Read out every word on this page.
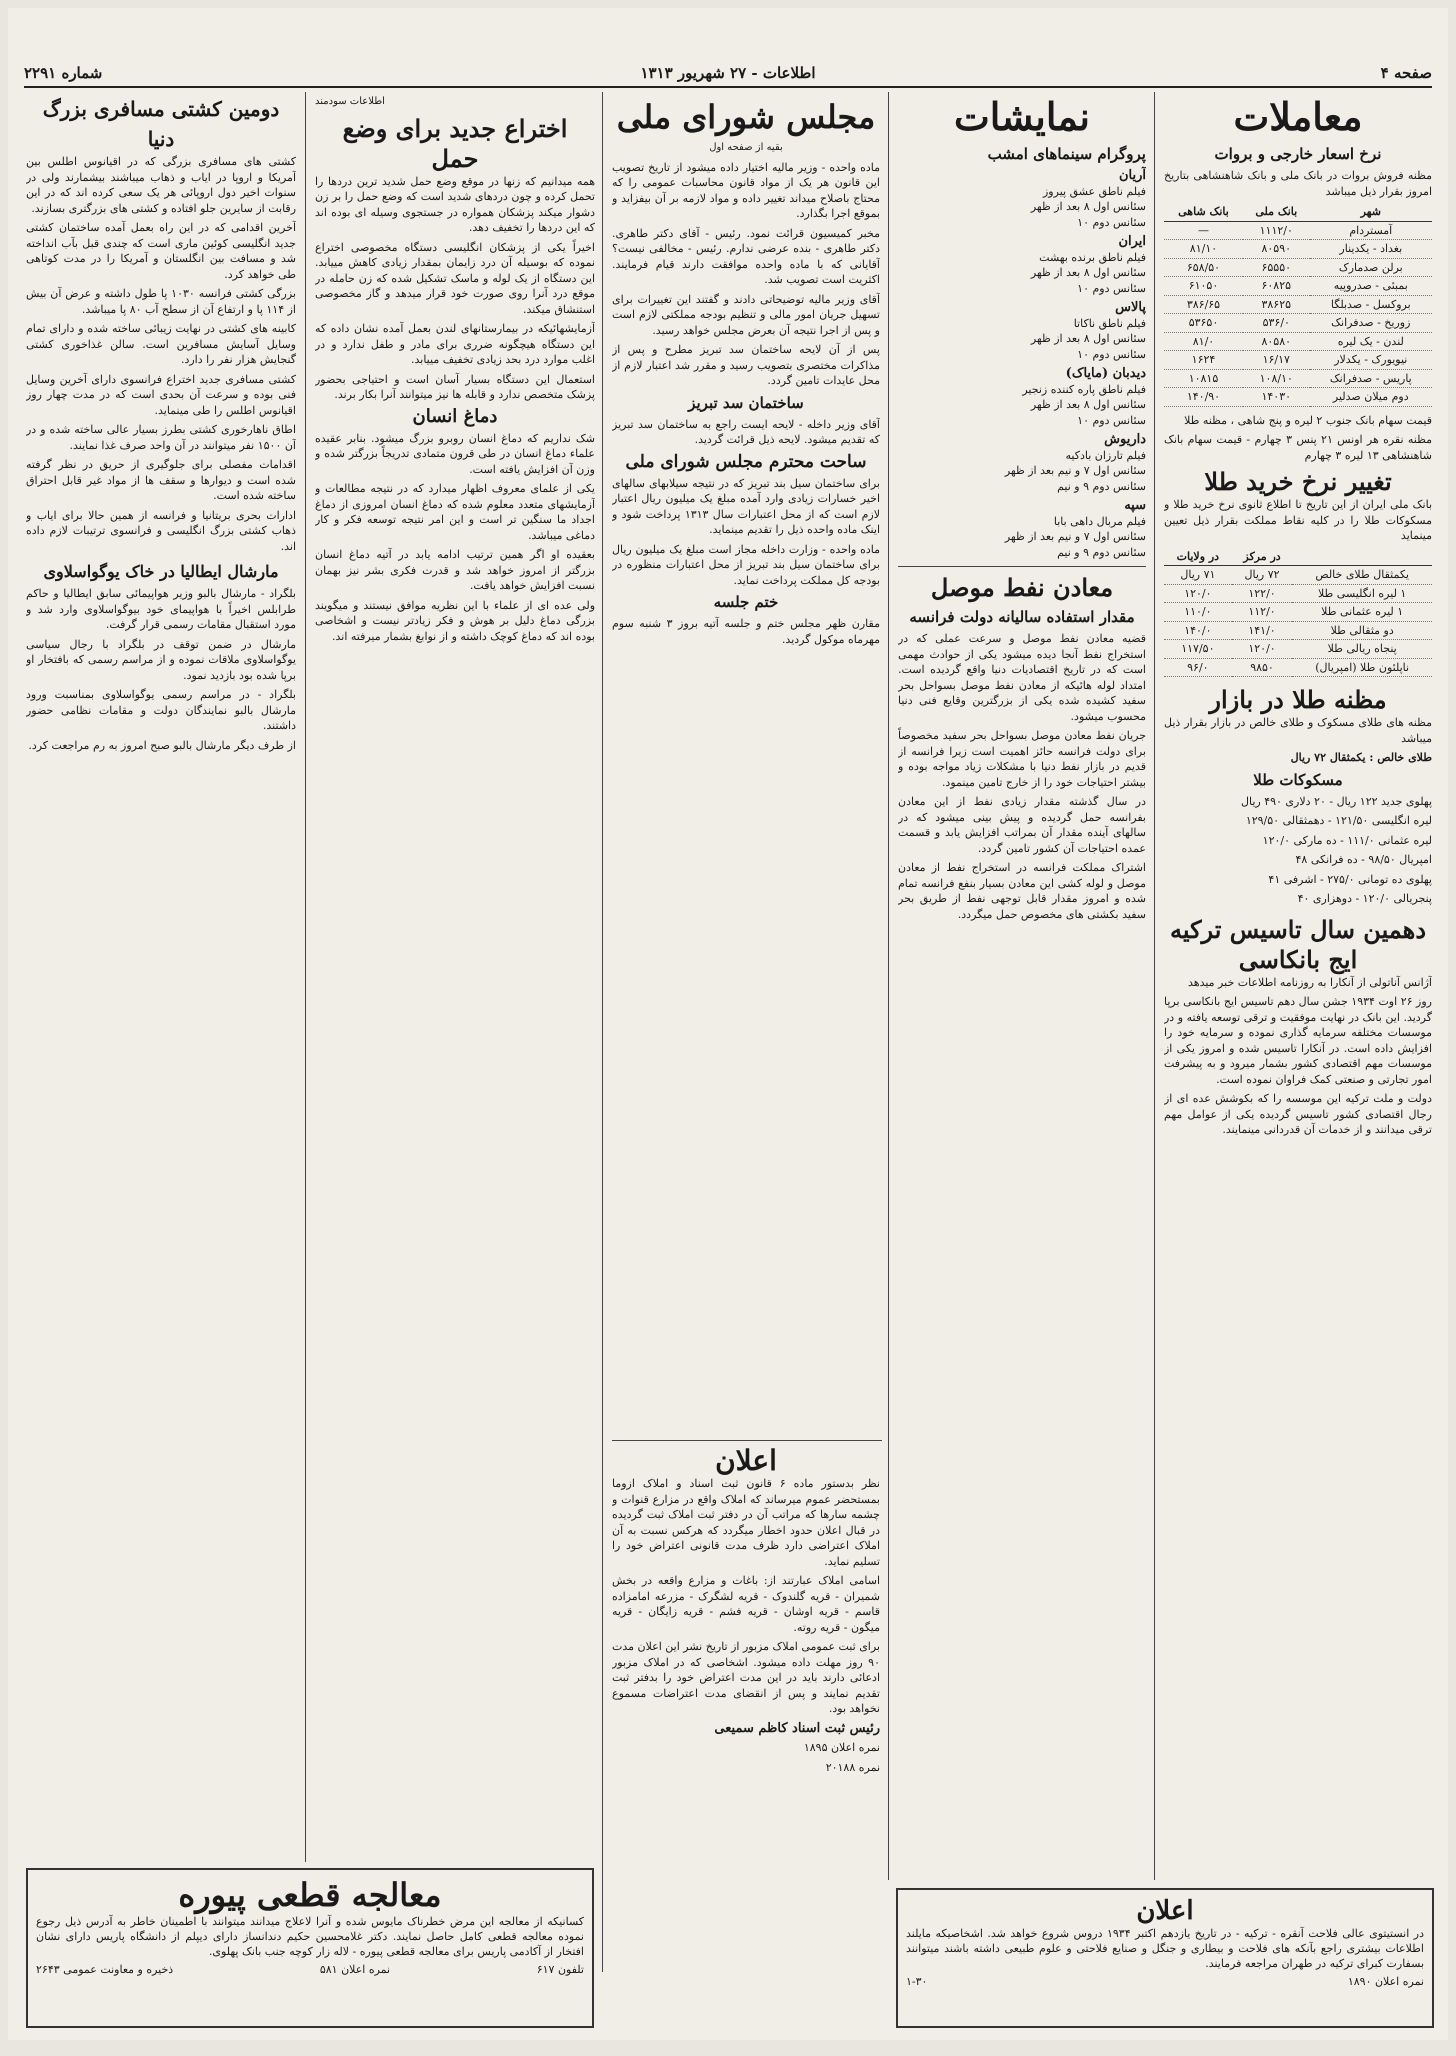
صفحه ۴
اطلاعات - ۲۷ شهریور ۱۳۱۳
شماره ۲۲۹۱
معاملات
نرخ اسعار خارجی و بروات

مظنه فروش بروات در بانک ملی و بانک شاهنشاهی بتاریخ امروز بقرار ذیل میباشد

شهر	بانک ملی	بانک شاهی
آمستردام	۱۱۱۲/۰	—
بغداد - یکدینار	۸۰۵۹۰	۸۱/۱۰
برلن صدمارک	۶۵۵۵۰	۶۵۸/۵۰
بمبئی - صدروپیه	۶۰۸۲۵	۶۱۰۵۰
بروکسل - صدبلگا	۳۸۶۲۵	۳۸۶/۶۵
زوریخ - صدفرانک	۵۳۶/۰	۵۳۶۵۰
لندن - یک لیره	۸۰۵۸۰	۸۱/۰
نیویورک - یکدلار	۱۶/۱۷	۱۶۲۴
پاریس - صدفرانک	۱۰۸/۱۰	۱۰۸۱۵
دوم میلان صدلیر	۱۴۰۳۰	۱۴۰/۹۰

قیمت سهام بانک جنوب ۲ لیره و پنج شاهی ، مظنه طلا

مظنه نقره هر اونس ۲۱ پنس ۳ چهارم - قیمت سهام بانک شاهنشاهی ۱۳ لیره ۳ چهارم

تغییر نرخ خرید طلا

بانک ملی ایران از این تاریخ تا اطلاع ثانوی نرخ خرید طلا و مسکوکات طلا را در کلیه نقاط مملکت بقرار ذیل تعیین مینماید

	در مرکز	در ولایات
یکمثقال طلای خالص	۷۲ ریال	۷۱ ریال
۱ لیره انگلیسی طلا	۱۲۲/۰	۱۲۰/۰
۱ لیره عثمانی طلا	۱۱۲/۰	۱۱۰/۰
دو مثقالی طلا	۱۴۱/۰	۱۴۰/۰
پنجاه ریالی طلا	۱۲۰/۰	۱۱۷/۵۰
ناپلئون طلا (امپریال)	۹۸۵۰	۹۶/۰
مظنه طلا در بازار

مظنه های طلای مسکوک و طلای خالص در بازار بقرار ذیل میباشد

طلای خالص : یکمثقال ۷۲ ریال

مسکوکات طلا

پهلوی جدید ۱۲۲ ریال - ۲۰ دلاری ۴۹۰ ریال

لیره انگلیسی ۱۲۱/۵۰ - دهمثقالی ۱۲۹/۵۰

لیره عثمانی ۱۱۱/۰ - ده مارکی ۱۲۰/۰

امپریال ۹۸/۵۰ - ده فرانکی ۴۸

پهلوی ده تومانی ۲۷۵/۰ - اشرفی ۴۱

پنجریالی ۱۲۰/۰ - دوهزاری ۴۰

دهمین سال تاسیس ترکیه ایج بانکاسی

آژانس آناتولی از آنکارا به روزنامه اطلاعات خبر میدهد

روز ۲۶ اوت ۱۹۳۴ جشن سال دهم تاسیس ایج بانکاسی برپا گردید. این بانک در نهایت موفقیت و ترقی توسعه یافته و در موسسات مختلفه سرمایه گذاری نموده و سرمایه خود را افزایش داده است. در آنکارا تاسیس شده و امروز یکی از موسسات مهم اقتصادی کشور بشمار میرود و به پیشرفت امور تجارتی و صنعتی کمک فراوان نموده است.

دولت و ملت ترکیه این موسسه را که بکوشش عده ای از رجال اقتصادی کشور تاسیس گردیده یکی از عوامل مهم ترقی میدانند و از خدمات آن قدردانی مینمایند.

نمایشات
پروگرام سینماهای امشب
آریان
فیلم ناطق عشق پیروز
سئانس اول ۸ بعد از ظهر
سئانس دوم ۱۰
ایران
فیلم ناطق برنده بهشت
سئانس اول ۸ بعد از ظهر
سئانس دوم ۱۰
پالاس
فیلم ناطق ناکاتا
سئانس اول ۸ بعد از ظهر
سئانس دوم ۱۰
دیدبان (مایاک)
فیلم ناطق پاره کننده زنجیر
سئانس اول ۸ بعد از ظهر
سئانس دوم ۱۰
داریوش
فیلم تارزان بادکیه
سئانس اول ۷ و نیم بعد از ظهر
سئانس دوم ۹ و نیم
سپه
فیلم مربال داهی بابا
سئانس اول ۷ و نیم بعد از ظهر
سئانس دوم ۹ و نیم
معادن نفط موصل
مقدار استفاده سالیانه دولت فرانسه

قضیه معادن نفط موصل و سرعت عملی که در استخراج نفط آنجا دیده میشود یکی از حوادث مهمی است که در تاریخ اقتصادیات دنیا واقع گردیده است. امتداد لوله هائیکه از معادن نفط موصل بسواحل بحر سفید کشیده شده یکی از بزرگترین وقایع فنی دنیا محسوب میشود.

جریان نفط معادن موصل بسواحل بحر سفید مخصوصاً برای دولت فرانسه حائز اهمیت است زیرا فرانسه از قدیم در بازار نفط دنیا با مشکلات زیاد مواجه بوده و بیشتر احتیاجات خود را از خارج تامین مینمود.

در سال گذشته مقدار زیادی نفط از این معادن بفرانسه حمل گردیده و پیش بینی میشود که در سالهای آینده مقدار آن بمراتب افزایش یابد و قسمت عمده احتیاجات آن کشور تامین گردد.

اشتراک مملکت فرانسه در استخراج نفط از معادن موصل و لوله کشی این معادن بسیار بنفع فرانسه تمام شده و امروز مقدار قابل توجهی نفط از طریق بحر سفید بکشتی های مخصوص حمل میگردد.

مجلس شورای ملی

بقیه از صفحه اول

ماده واحده - وزیر مالیه اختیار داده میشود از تاریخ تصویب این قانون هر یک از مواد قانون محاسبات عمومی را که محتاج باصلاح میداند تغییر داده و مواد لازمه بر آن بیفزاید و بموقع اجرا بگذارد.

مخبر کمیسیون قرائت نمود. رئیس - آقای دکتر طاهری. دکتر طاهری - بنده عرضی ندارم. رئیس - مخالفی نیست؟ آقایانی که با ماده واحده موافقت دارند قیام فرمایند. اکثریت است تصویب شد.

آقای وزیر مالیه توضیحاتی دادند و گفتند این تغییرات برای تسهیل جریان امور مالی و تنظیم بودجه مملکتی لازم است و پس از اجرا نتیجه آن بعرض مجلس خواهد رسید.

پس از آن لایحه ساختمان سد تبریز مطرح و پس از مذاکرات مختصری بتصویب رسید و مقرر شد اعتبار لازم از محل عایدات تامین گردد.

ساختمان سد تبریز

آقای وزیر داخله - لایحه ایست راجع به ساختمان سد تبریز که تقدیم میشود. لایحه ذیل قرائت گردید.

ساحت محترم مجلس شورای ملی

برای ساختمان سیل بند تبریز که در نتیجه سیلابهای سالهای اخیر خسارات زیادی وارد آمده مبلغ یک میلیون ریال اعتبار لازم است که از محل اعتبارات سال ۱۳۱۳ پرداخت شود و اینک ماده واحده ذیل را تقدیم مینماید.

ماده واحده - وزارت داخله مجاز است مبلغ یک میلیون ریال برای ساختمان سیل بند تبریز از محل اعتبارات منظوره در بودجه کل مملکت پرداخت نماید.

ختم جلسه

مقارن ظهر مجلس ختم و جلسه آتیه بروز ۳ شنبه سوم مهرماه موکول گردید.

اعلان

نظر بدستور ماده ۶ قانون ثبت اسناد و املاک ازوما بمستحضر عموم میرساند که املاک واقع در مزارع قنوات و چشمه سارها که مراتب آن در دفتر ثبت املاک ثبت گردیده در قبال اعلان حدود اخطار میگردد که هرکس نسبت به آن املاک اعتراضی دارد ظرف مدت قانونی اعتراض خود را تسلیم نماید.

اسامی املاک عبارتند از: باغات و مزارع واقعه در بخش شمیران - قریه گلندوک - قریه لشگرک - مزرعه امامزاده قاسم - قریه اوشان - قریه فشم - قریه زایگان - قریه میگون - قریه روته.

برای ثبت عمومی املاک مزبور از تاریخ نشر این اعلان مدت ۹۰ روز مهلت داده میشود. اشخاصی که در املاک مزبور ادعائی دارند باید در این مدت اعتراض خود را بدفتر ثبت تقدیم نمایند و پس از انقضای مدت اعتراضات مسموع نخواهد بود.

رئیس ثبت اسناد کاظم سمیعی

نمره اعلان ۱۸۹۵

نمره ۲۰۱۸۸

اطلاعات سودمند

اختراع جدید برای وضع حمل

همه میدانیم که زنها در موقع وضع حمل شدید ترین دردها را تحمل کرده و چون دردهای شدید است که وضع حمل را بر زن دشوار میکند پزشکان همواره در جستجوی وسیله ای بوده اند که این دردها را تخفیف دهد.

اخیراً یکی از پزشکان انگلیسی دستگاه مخصوصی اختراع نموده که بوسیله آن درد زایمان بمقدار زیادی کاهش مییابد. این دستگاه از یک لوله و ماسک تشکیل شده که زن حامله در موقع درد آنرا روی صورت خود قرار میدهد و گاز مخصوصی استنشاق میکند.

آزمایشهائیکه در بیمارستانهای لندن بعمل آمده نشان داده که این دستگاه هیچگونه ضرری برای مادر و طفل ندارد و در اغلب موارد درد بحد زیادی تخفیف مییابد.

استعمال این دستگاه بسیار آسان است و احتیاجی بحضور پزشک متخصص ندارد و قابله ها نیز میتوانند آنرا بکار برند.

دماغ انسان

شک نداریم که دماغ انسان روبرو بزرگ میشود. بنابر عقیده علماء دماغ انسان در طی قرون متمادی تدریجاً بزرگتر شده و وزن آن افزایش یافته است.

یکی از علمای معروف اظهار میدارد که در نتیجه مطالعات و آزمایشهای متعدد معلوم شده که دماغ انسان امروزی از دماغ اجداد ما سنگین تر است و این امر نتیجه توسعه فکر و کار دماغی میباشد.

بعقیده او اگر همین ترتیب ادامه یابد در آتیه دماغ انسان بزرگتر از امروز خواهد شد و قدرت فکری بشر نیز بهمان نسبت افزایش خواهد یافت.

ولی عده ای از علماء با این نظریه موافق نیستند و میگویند بزرگی دماغ دلیل بر هوش و فکر زیادتر نیست و اشخاصی بوده اند که دماغ کوچک داشته و از نوابغ بشمار میرفته اند.

دومین کشتی مسافری بزرگ دنیا

کشتی های مسافری بزرگی که در اقیانوس اطلس بین آمریکا و اروپا در ایاب و ذهاب میباشند بیشمارند ولی در سنوات اخیر دول اروپائی هر یک سعی کرده اند که در این رقابت از سایرین جلو افتاده و کشتی های بزرگتری بسازند.

آخرین اقدامی که در این راه بعمل آمده ساختمان کشتی جدید انگلیسی کوئین ماری است که چندی قبل بآب انداخته شد و مسافت بین انگلستان و آمریکا را در مدت کوتاهی طی خواهد کرد.

بزرگی کشتی فرانسه ۱۰۳۰ پا طول داشته و عرض آن بیش از ۱۱۴ پا و ارتفاع آن از سطح آب ۸۰ پا میباشد.

کابینه های کشتی در نهایت زیبائی ساخته شده و دارای تمام وسایل آسایش مسافرین است. سالن غذاخوری کشتی گنجایش هزار نفر را دارد.

کشتی مسافری جدید اختراع فرانسوی دارای آخرین وسایل فنی بوده و سرعت آن بحدی است که در مدت چهار روز اقیانوس اطلس را طی مینماید.

اطاق ناهارخوری کشتی بطرز بسیار عالی ساخته شده و در آن ۱۵۰۰ نفر میتوانند در آن واحد صرف غذا نمایند.

اقدامات مفصلی برای جلوگیری از حریق در نظر گرفته شده است و دیوارها و سقف ها از مواد غیر قابل احتراق ساخته شده است.

ادارات بحری بریتانیا و فرانسه از همین حالا برای ایاب و ذهاب کشتی بزرگ انگلیسی و فرانسوی ترتیبات لازم داده اند.

مارشال ایطالیا در خاک یوگواسلاوی

بلگراد - مارشال بالبو وزیر هواپیمائی سابق ایطالیا و حاکم طرابلس اخیراً با هواپیمای خود بیوگواسلاوی وارد شد و مورد استقبال مقامات رسمی قرار گرفت.

مارشال در ضمن توقف در بلگراد با رجال سیاسی یوگواسلاوی ملاقات نموده و از مراسم رسمی که بافتخار او برپا شده بود بازدید نمود.

بلگراد - در مراسم رسمی یوگواسلاوی بمناسبت ورود مارشال بالبو نمایندگان دولت و مقامات نظامی حضور داشتند.

از طرف دیگر مارشال بالبو صبح امروز به رم مراجعت کرد.

اعلان
در انستیتوی عالی فلاحت آنقره - ترکیه - در تاریخ یازدهم اکتبر ۱۹۳۴ دروس شروع خواهد شد. اشخاصیکه مایلند اطلاعات بیشتری راجع بآنکه های فلاحت و بیطاری و جنگل و صنایع فلاحتی و علوم طبیعی داشته باشند میتوانند بسفارت کبرای ترکیه در طهران مراجعه فرمایند.
نمره اعلان ۱۸۹۰
۱-۳۰
معالجه قطعی پیوره
کسانیکه از معالجه این مرض خطرناک مایوس شده و آنرا لاعلاج میدانند میتوانند با اطمینان خاطر به آدرس ذیل رجوع نموده معالجه قطعی کامل حاصل نمایند. دکتر غلامحسین حکیم دندانساز دارای دیپلم از دانشگاه پاریس دارای نشان افتخار از آکادمی پاریس برای معالجه قطعی پیوره - لاله زار کوچه جنب بانک پهلوی.
تلفون ۶۱۷
نمره اعلان ۵۸۱
ذخیره و معاونت عمومی ۲۶۴۳
